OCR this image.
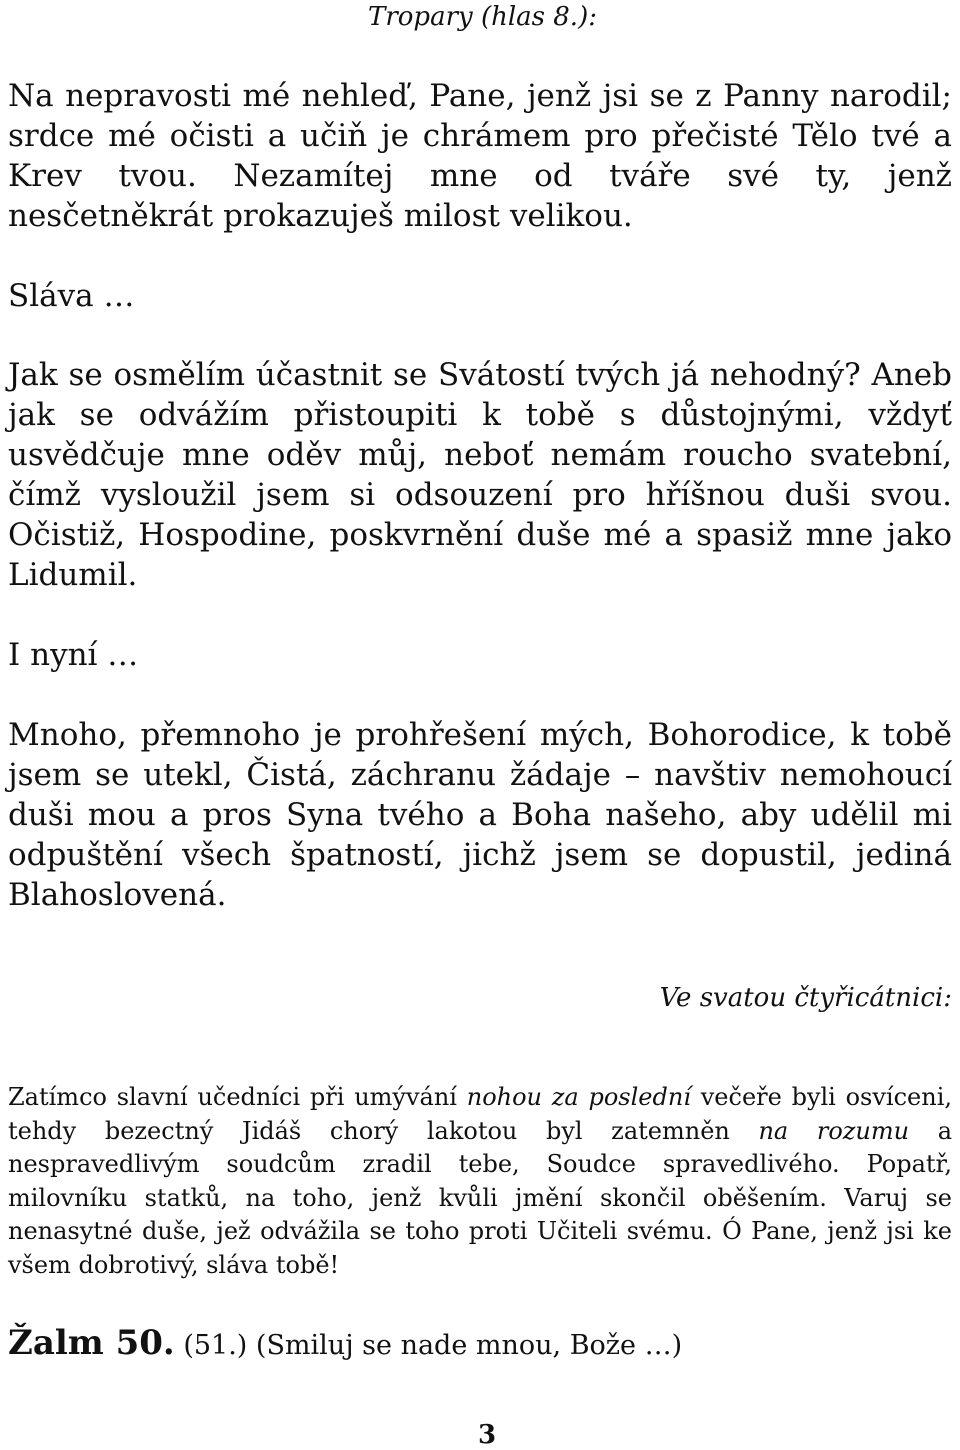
Tropary (hlas 8.):

Na nepravosti mé nehleď, Pane, jenž jsi se z Panny narodil; srdce mé očisti a učiň je chrámem pro přečisté Tělo tvé a Krev tvou. Nezamítej mne od tváře své ty, jenž nesčetněkrát prokazuješ milost velikou.

Sláva …

Jak se osmělím účastnit se Svátostí tvých já nehodný? Aneb jak se odvážím přistoupiti k tobě s důstojnými, vždyť usvědčuje mne oděv můj, neboť nemám roucho svatební, čímž vysloužil jsem si odsouzení pro hříšnou duši svou. Očistiž, Hospodine, poskvrnění duše mé a spasiž mne jako Lidumil.

I nyní …

Mnoho, přemnoho je prohřešení mých, Bohorodice, k tobě jsem se utekl, Čistá, záchranu žádaje – navštiv nemohoucí duši mou a pros Syna tvého a Boha našeho, aby udělil mi odpuštění všech špatností, jichž jsem se dopustil, jediná Blahoslovená.

Ve svatou čtyřicátnici:

Zatímco slavní učedníci při umývání nohou za poslední večeře byli osvíceni, tehdy bezectný Jidáš chorý lakotou byl zatemněn na rozumu a nespravedlivým soudcům zradil tebe, Soudce spravedlivého. Popatř, milovníku statků, na toho, jenž kvůli jmění skončil oběšením. Varuj se nenasytné duše, jež odvážila se toho proti Učiteli svému. Ó Pane, jenž jsi ke všem dobrotivý, sláva tobě!

Žalm 50. (51.) (Smiluj se nade mnou, Bože …)

3
